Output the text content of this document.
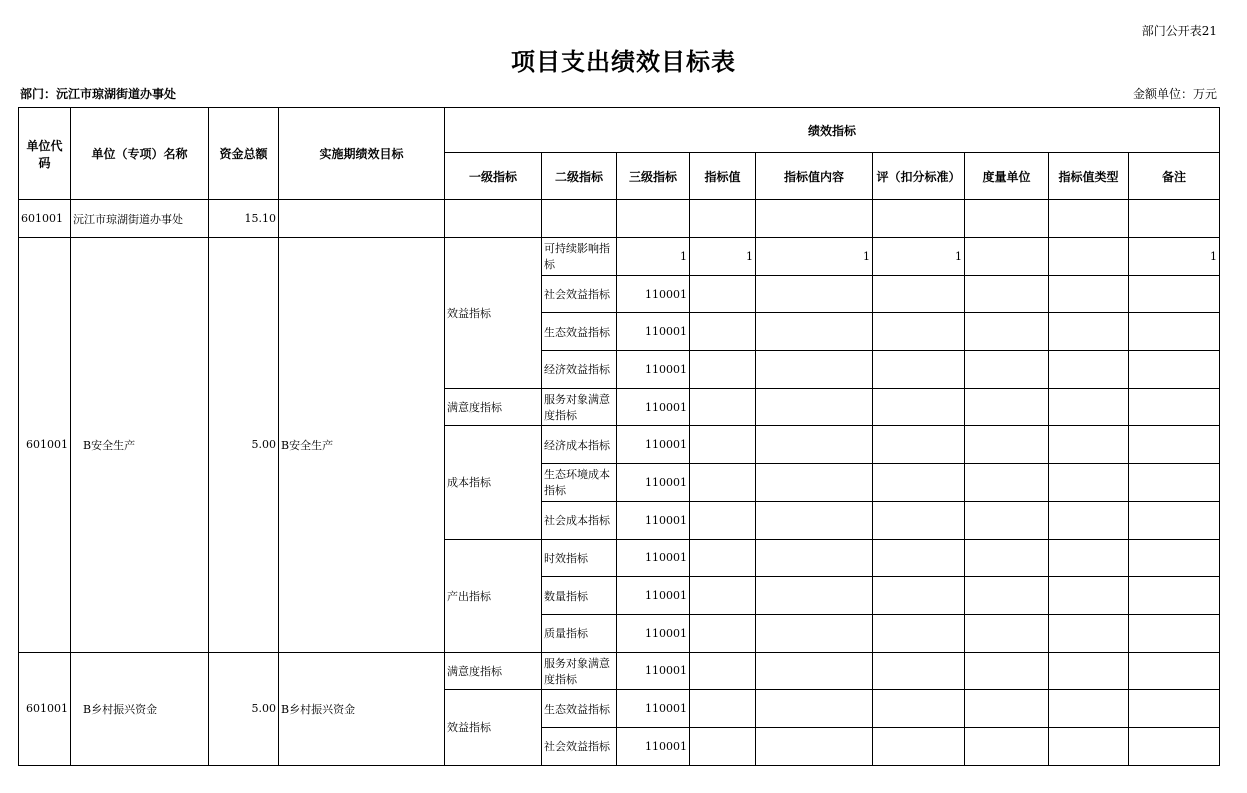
部门公开表21
项目支出绩效目标表
部门：沅江市琼湖街道办事处	金额单位：万元
单位代码	单位（专项）名称	资金总额	实施期绩效目标	绩效指标								
				一级指标	二级指标	三级指标	指标值	指标值内容	评（扣分标准）	度量单位	指标值类型	备注
601001	沅江市琼湖街道办事处	15.10										
601001	B安全生产	5.00	B安全生产	效益指标	可持续影响指标	1	1	1	1			1
					社会效益指标	110001						
					生态效益指标	110001						
					经济效益指标	110001						
				满意度指标	服务对象满意度指标	110001						
				成本指标	经济成本指标	110001						
					生态环境成本指标	110001						
					社会成本指标	110001						
				产出指标	时效指标	110001						
					数量指标	110001						
					质量指标	110001						
601001	B乡村振兴资金	5.00	B乡村振兴资金	满意度指标	服务对象满意度指标	110001						
				效益指标	生态效益指标	110001						
					社会效益指标	110001						
